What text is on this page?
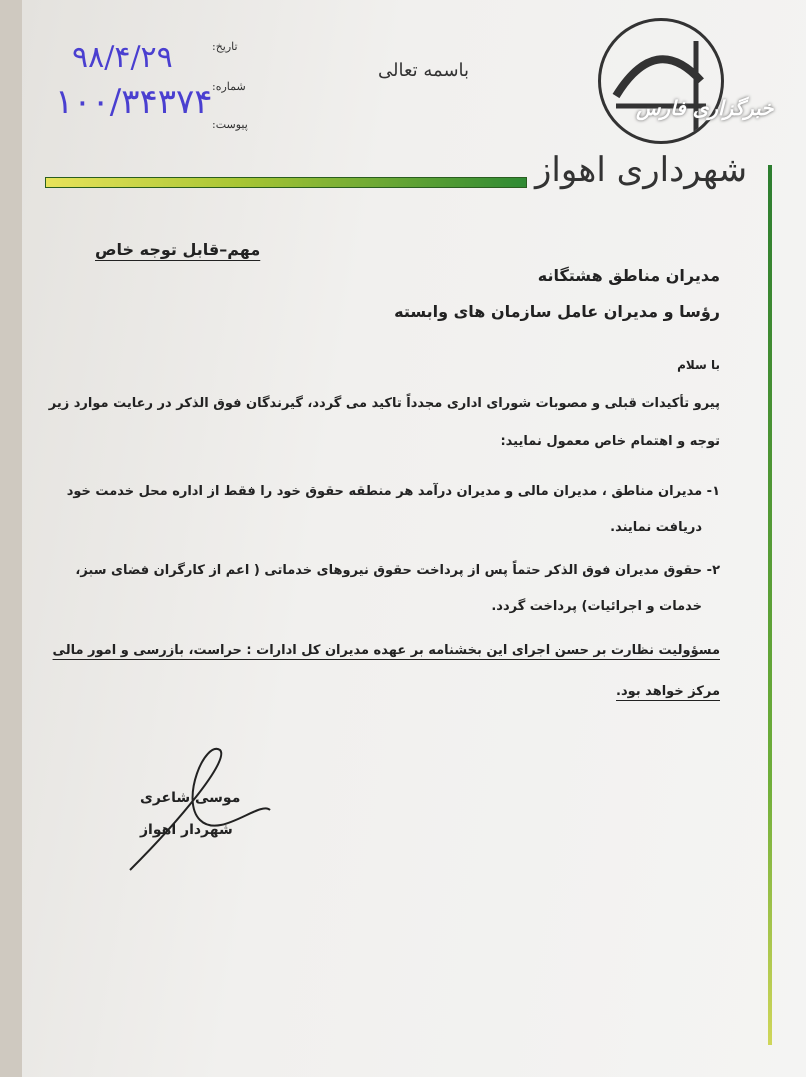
خبرگزاری فارس
باسمه تعالی
تاریخ:
۹۸/۴/۲۹
شماره:
۱۰۰/۳۴۳۷۴
پیوست:
شهرداری اهواز
مهم–قابل توجه خاص
مدیران مناطق هشتگانه
رؤسا و مدیران عامل سازمان های وابسته
با سلام
پیرو تأکیدات قبلی و مصوبات شورای اداری مجدداً تاکید می گردد، گیرندگان فوق الذکر در رعایت موارد زیر
توجه و اهتمام خاص معمول نمایید:
۱- مدیران مناطق ، مدیران مالی و مدیران درآمد هر منطقه حقوق خود را فقط از اداره محل خدمت خود
دریافت نمایند.
۲- حقوق مدیران فوق الذکر حتماً پس از پرداخت حقوق نیروهای خدماتی ( اعم از کارگران فضای سبز،
خدمات و اجرائیات) پرداخت گردد.
مسؤولیت نظارت بر حسن اجرای این بخشنامه بر عهده مدیران کل ادارات : حراست، بازرسی و امور مالی
مرکز خواهد بود.
موسی شاعری
شهردار اهواز
